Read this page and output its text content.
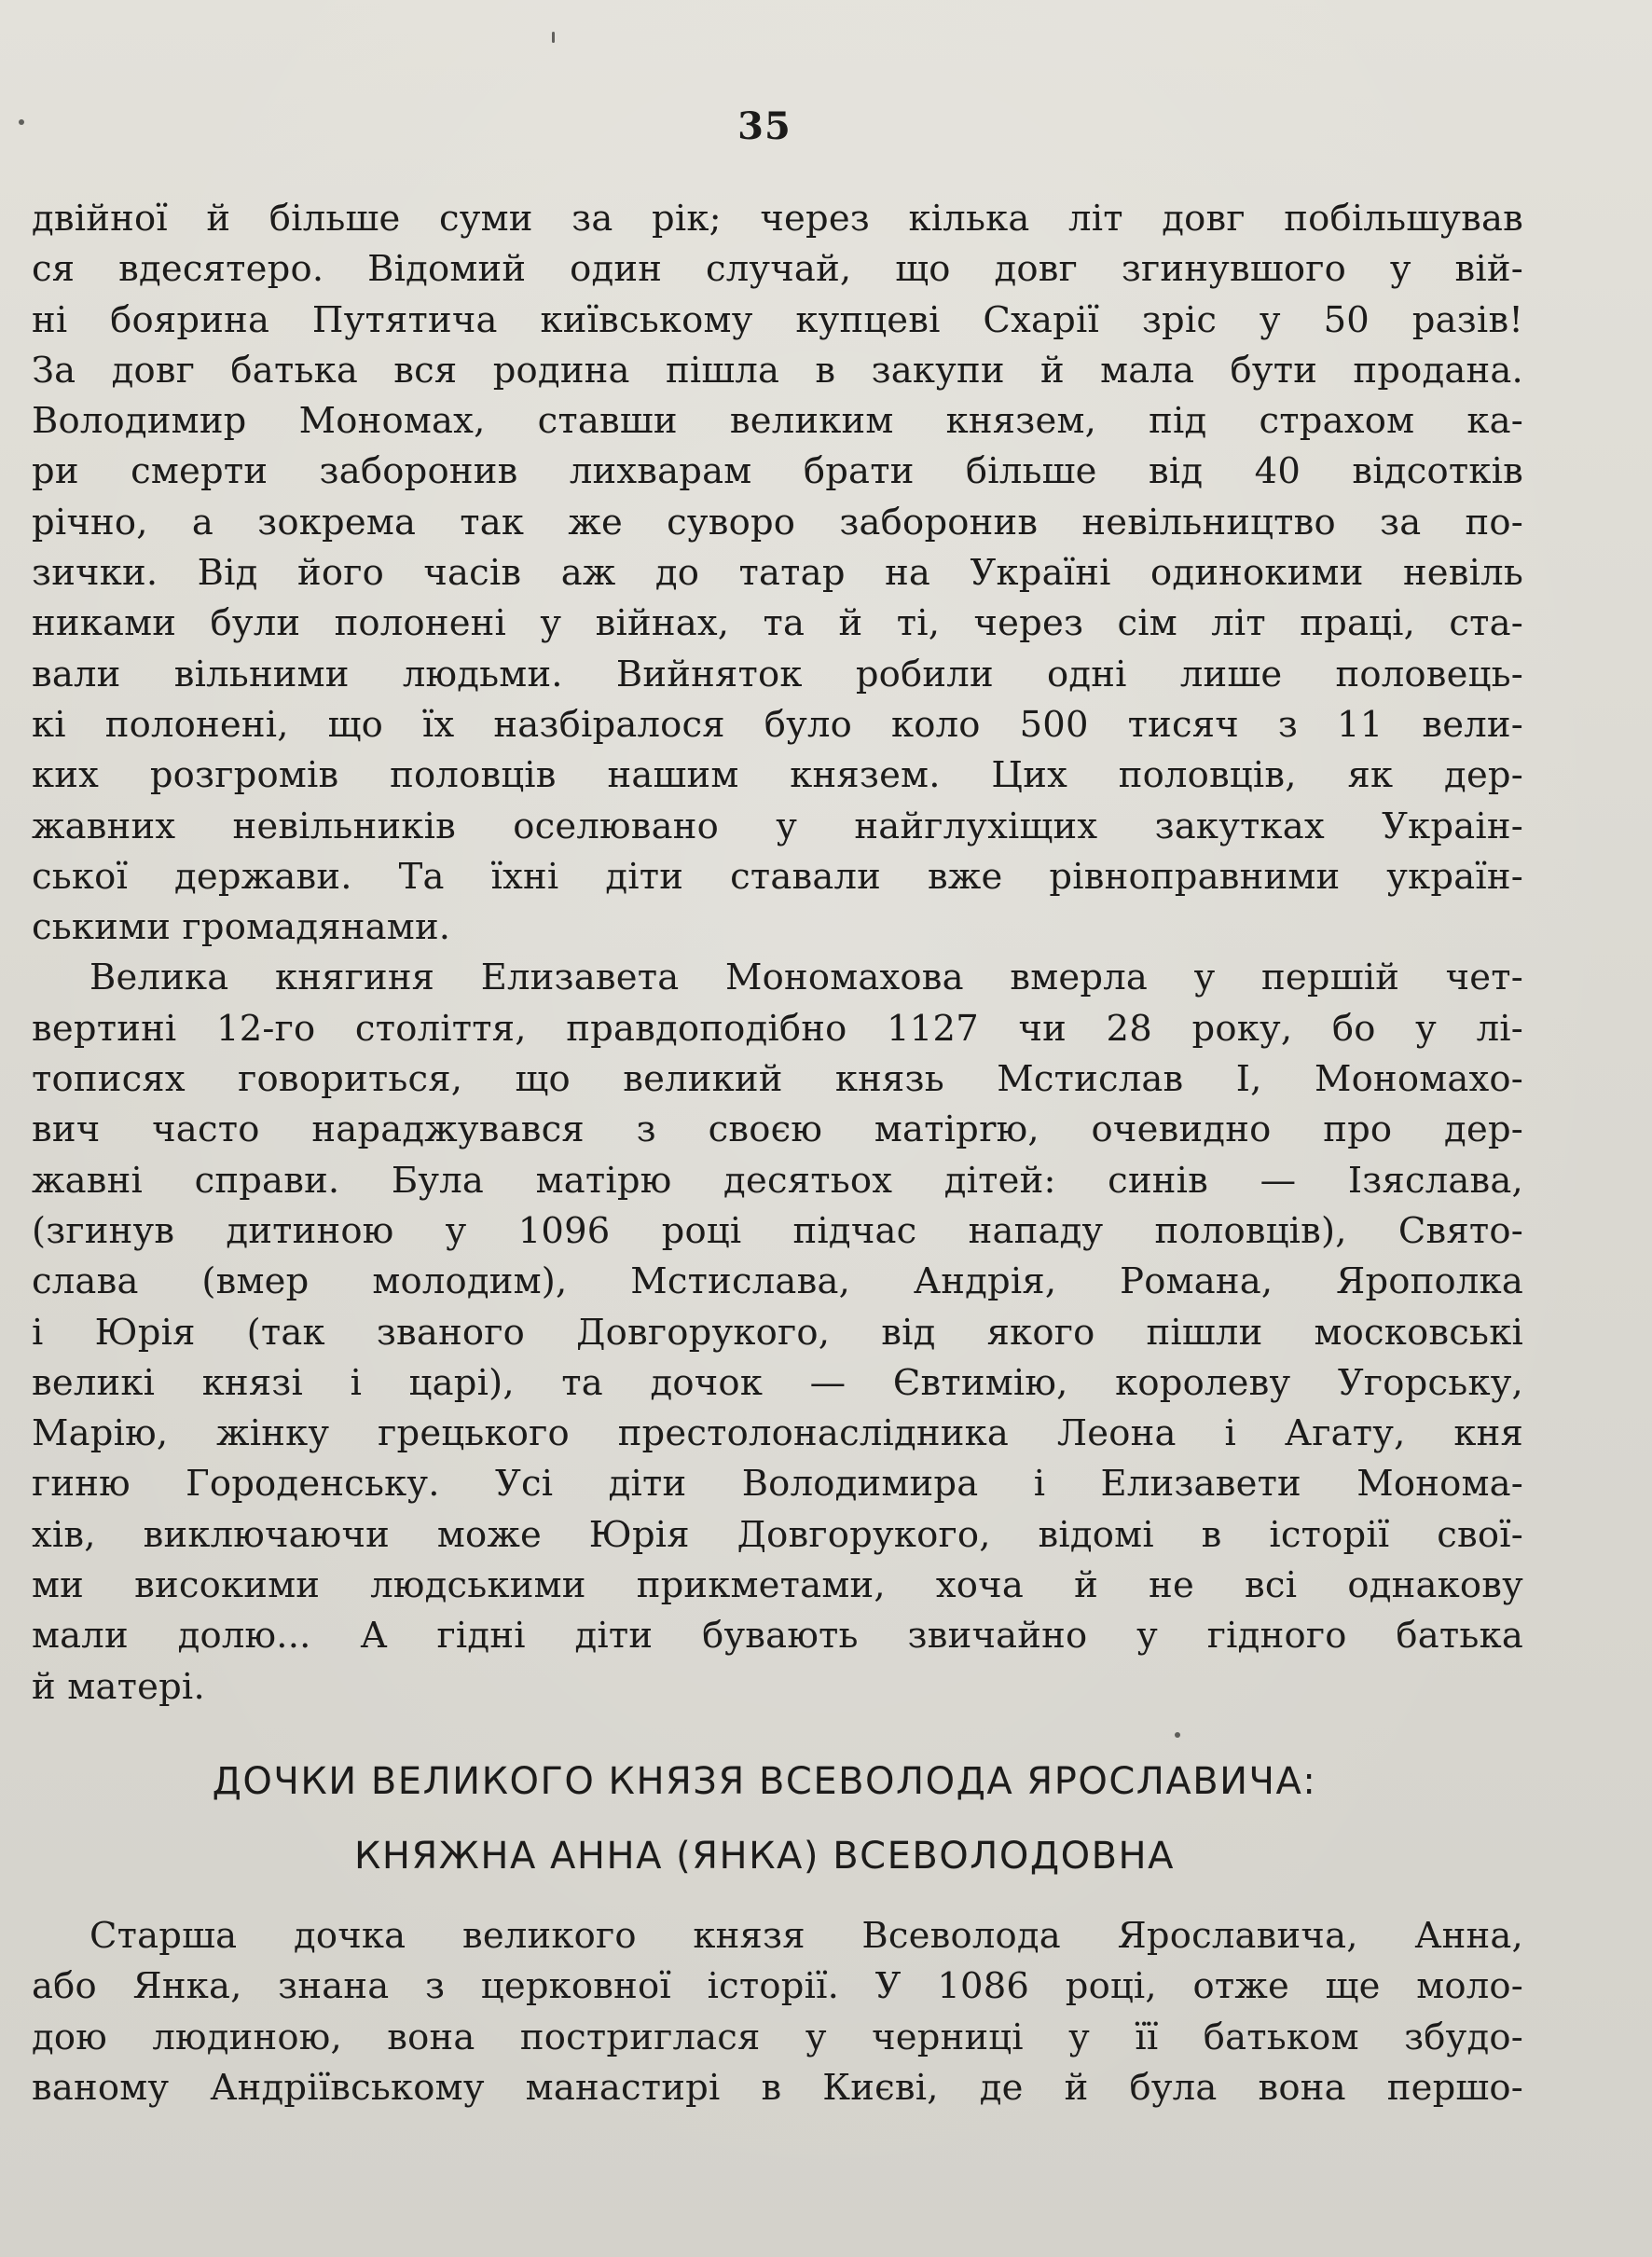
35
двійної й більше суми за рік; через кілька літ довг побільшував
ся вдесятеро. Відомий один случай, що довг згинувшого у вій-
ні боярина Путятича київському купцеві Схарії зріс у 50 разів!
За довг батька вся родина пішла в закупи й мала бути продана.
Володимир Мономах, ставши великим князем, під страхом ка-
ри смерти заборонив лихварам брати більше від 40 відсотків
річно, а зокрема так же суворо заборонив невільництво за по-
зички. Від його часів аж до татар на Україні одинокими невіль
никами були полонені у війнах, та й ті, через сім літ праці, ста-
вали вільними людьми. Вийняток робили одні лише половець-
кі полонені, що їх назбіралося було коло 500 тисяч з 11 вели-
ких розгромів половців нашим князем. Цих половців, як дер-
жавних невільників оселювано у найглухіщих закутках Украін-
ської держави. Та їхні діти ставали вже рівноправними україн-
ськими громадянами.
Велика княгиня Елизавета Мономахова вмерла у першій чет-
вертині 12-го століття, правдоподібно 1127 чи 28 року, бо у лі-
тописях говориться, що великий князь Мстислав I, Мономахо-
вич часто нараджувався з своєю матірrю, очевидно про дер-
жавні справи. Була матірю десятьох дітей: синів — Ізяслава,
(згинув дитиною у 1096 році підчас нападу половців), Свято-
слава (вмер молодим), Мстислава, Андрія, Романа, Ярополка
і Юрія (так званого Довгорукого, від якого пішли московські
великі князі і царі), та дочок — Євтимію, королеву Угорську,
Марію, жінку грецького престолонаслідника Леона і Агату, кня
гиню Городенську. Усі діти Володимира і Елизавети Монома-
хів, виключаючи може Юрія Довгорукого, відомі в історії свої-
ми високими людськими прикметами, хоча й не всі однакову
мали долю... А гідні діти бувають звичайно у гідного батька
й матері.
ДОЧКИ ВЕЛИКОГО КНЯЗЯ ВСЕВОЛОДА ЯРОСЛАВИЧА:
КНЯЖНА АННА (ЯНКА) ВСЕВОЛОДОВНА
Старша дочка великого князя Всеволода Ярославича, Анна,
або Янка, знана з церковної історії. У 1086 році, отже ще моло-
дою людиною, вона постриглася у черниці у її батьком збудо-
ваному Андріївському манастирі в Києві, де й була вона першо-
